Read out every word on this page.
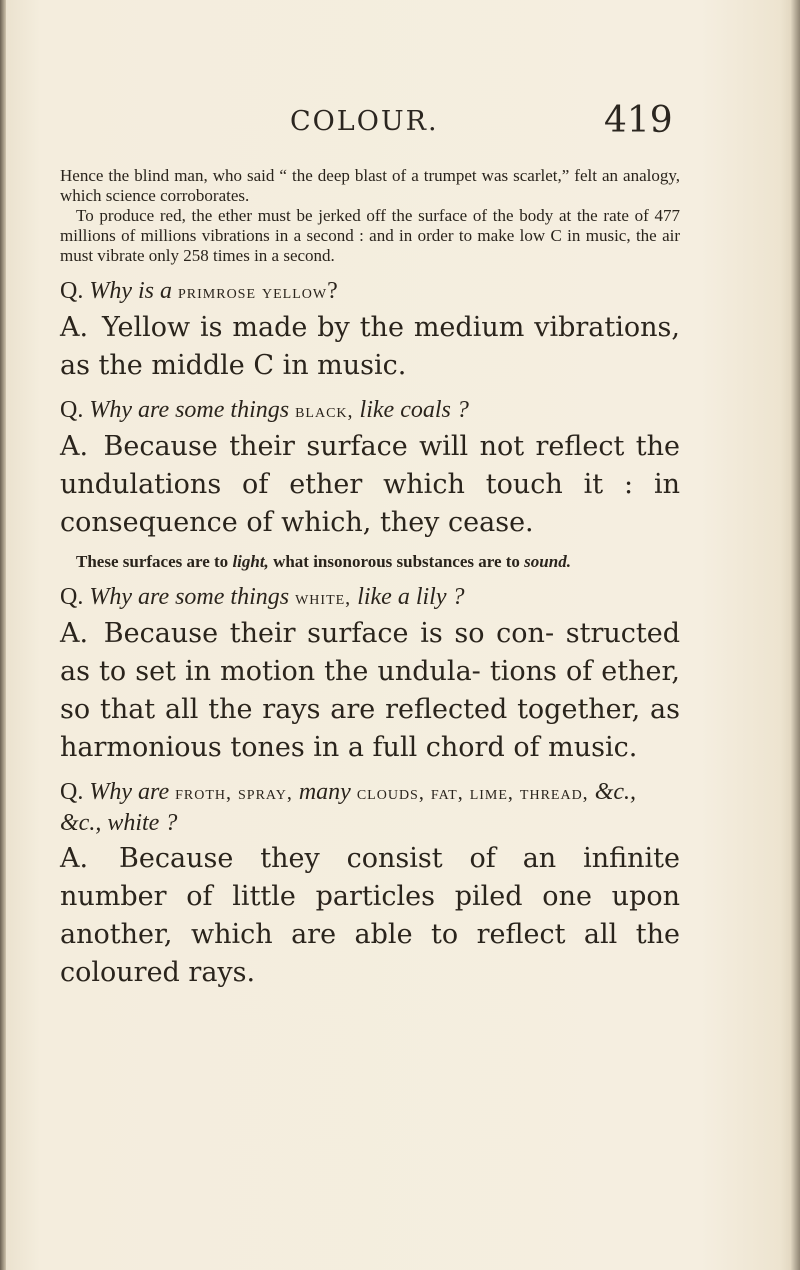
COLOUR.	419

Hence the blind man, who said “ the deep blast of a trumpet was scarlet,” felt an analogy, which science corroborates.

To produce red, the ether must be jerked off the surface of the body at the rate of 477 millions of millions vibrations in a second : and in order to make low C in music, the air must vibrate only 258 times in a second.

Q. Why is a primrose yellow?

A. Yellow is made by the medium vibrations, as the middle C in music.

Q. Why are some things black, like coals ?

A. Because their surface will not reflect the undulations of ether which touch it : in consequence of which, they cease.

These surfaces are to light, what insonorous substances are to sound.

Q. Why are some things white, like a lily ?

A. Because their surface is so con- structed as to set in motion the undula- tions of ether, so that all the rays are reflected together, as harmonious tones in a full chord of music.

Q. Why are froth, spray, many clouds, fat, lime, thread, &c., &c., white ?

A. Because they consist of an infinite number of little particles piled one upon another, which are able to reflect all the coloured rays.
